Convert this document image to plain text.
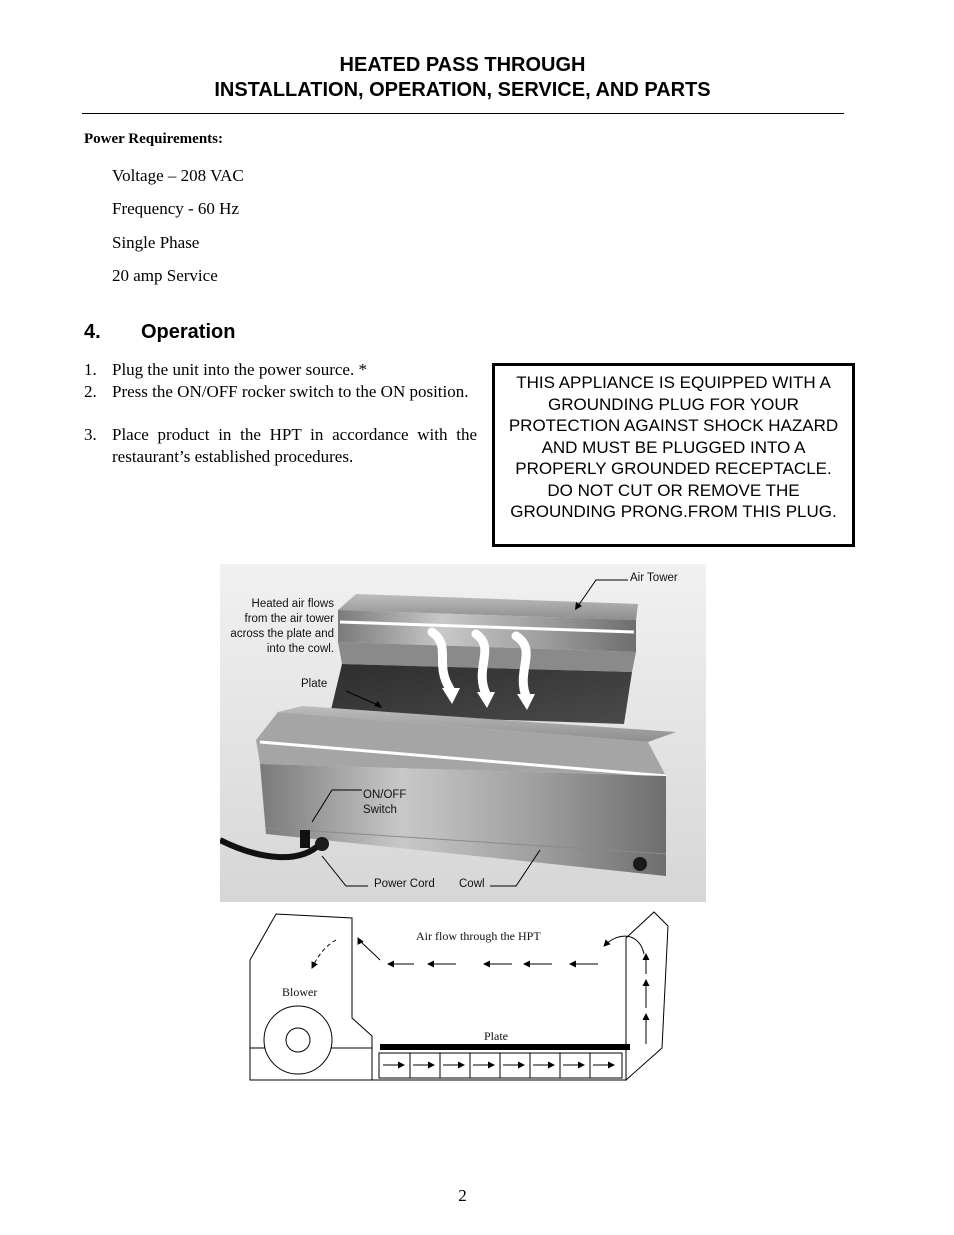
HEATED PASS THROUGH
INSTALLATION, OPERATION, SERVICE, AND PARTS
Power Requirements:
Voltage – 208 VAC
Frequency - 60 Hz
Single Phase
20 amp Service
4. Operation
1. Plug the unit into the power source. *
2. Press the ON/OFF rocker switch to the ON position.
3. Place product in the HPT in accordance with the restaurant’s established procedures.
THIS APPLIANCE IS EQUIPPED WITH A GROUNDING PLUG FOR YOUR PROTECTION AGAINST SHOCK HAZARD AND MUST BE PLUGGED INTO A PROPERLY GROUNDED RECEPTACLE. DO NOT CUT OR REMOVE THE GROUNDING PRONG.FROM THIS PLUG.
Air Tower
Heated air flows from the air tower across the plate and into the cowl.
Plate
ON/OFF Switch
Power Cord Cowl
Air flow through the HPT
Blower
Plate
2
